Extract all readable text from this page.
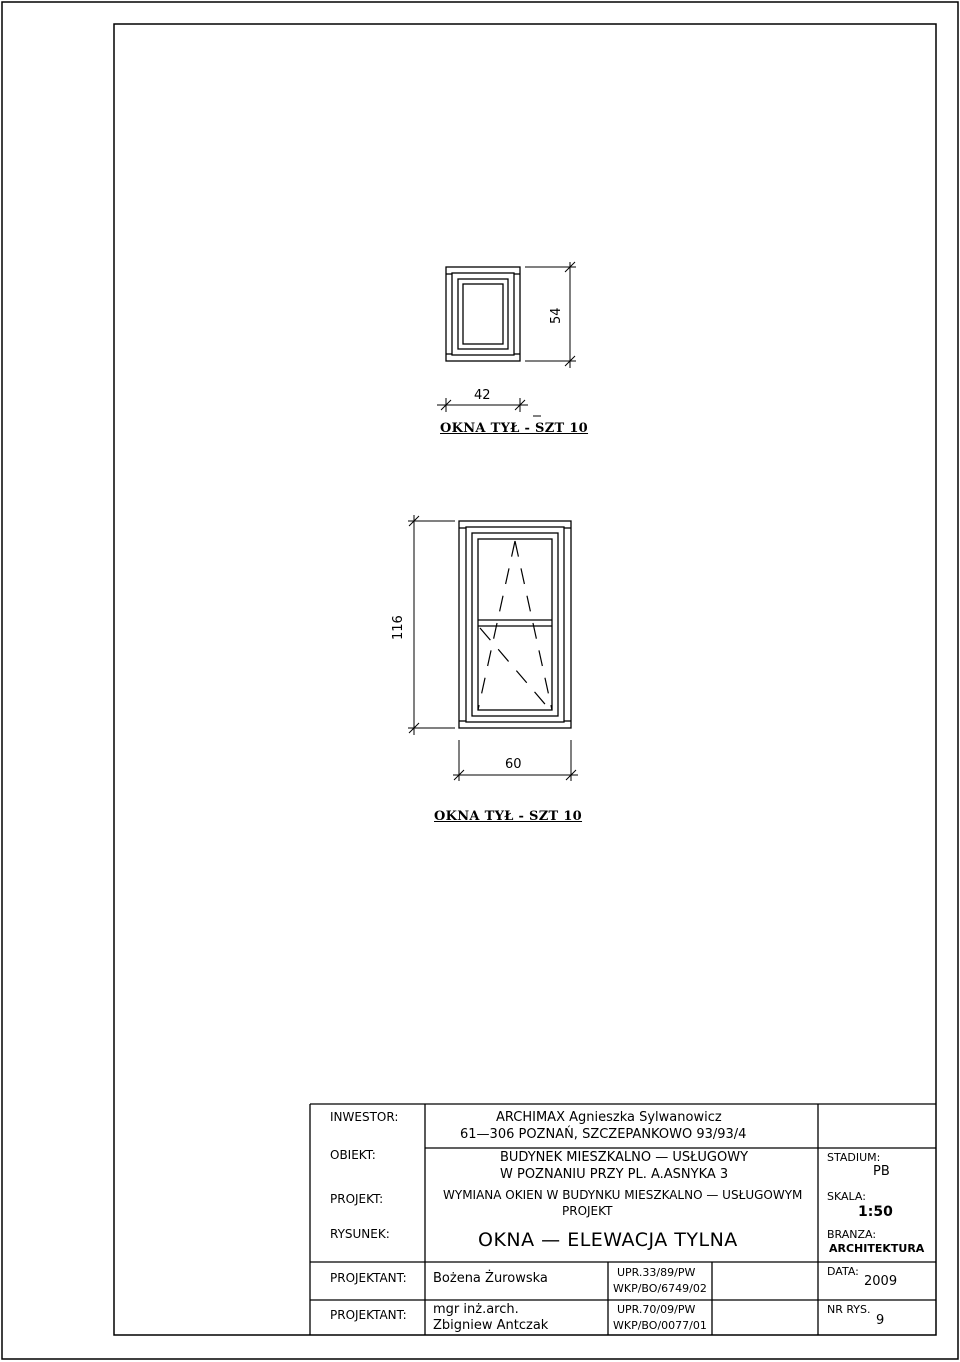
42
54
OKNA TYŁ - SZT 10
116
60
OKNA TYŁ - SZT 10
INWESTOR:
OBIEKT:
PROJEKT:
RYSUNEK:
PROJEKTANT:
PROJEKTANT:
ARCHIMAX Agnieszka Sylwanowicz
61—306 POZNAŃ, SZCZEPANKOWO 93/93/4
BUDYNEK MIESZKALNO — USŁUGOWY
W POZNANIU PRZY PL. A.ASNYKA 3
WYMIANA OKIEN W BUDYNKU MIESZKALNO — USŁUGOWYM
PROJEKT
OKNA — ELEWACJA TYLNA
Bożena Żurowska	UPR.33/89/PW
WKP/BO/6749/02
mgr inż.arch.
Zbigniew Antczak
UPR.70/09/PW
WKP/BO/0077/01
STADIUM:
PB
SKALA:
1:50
BRANZA:
ARCHITEKTURA
DATA:
2009
NR RYS.
9
